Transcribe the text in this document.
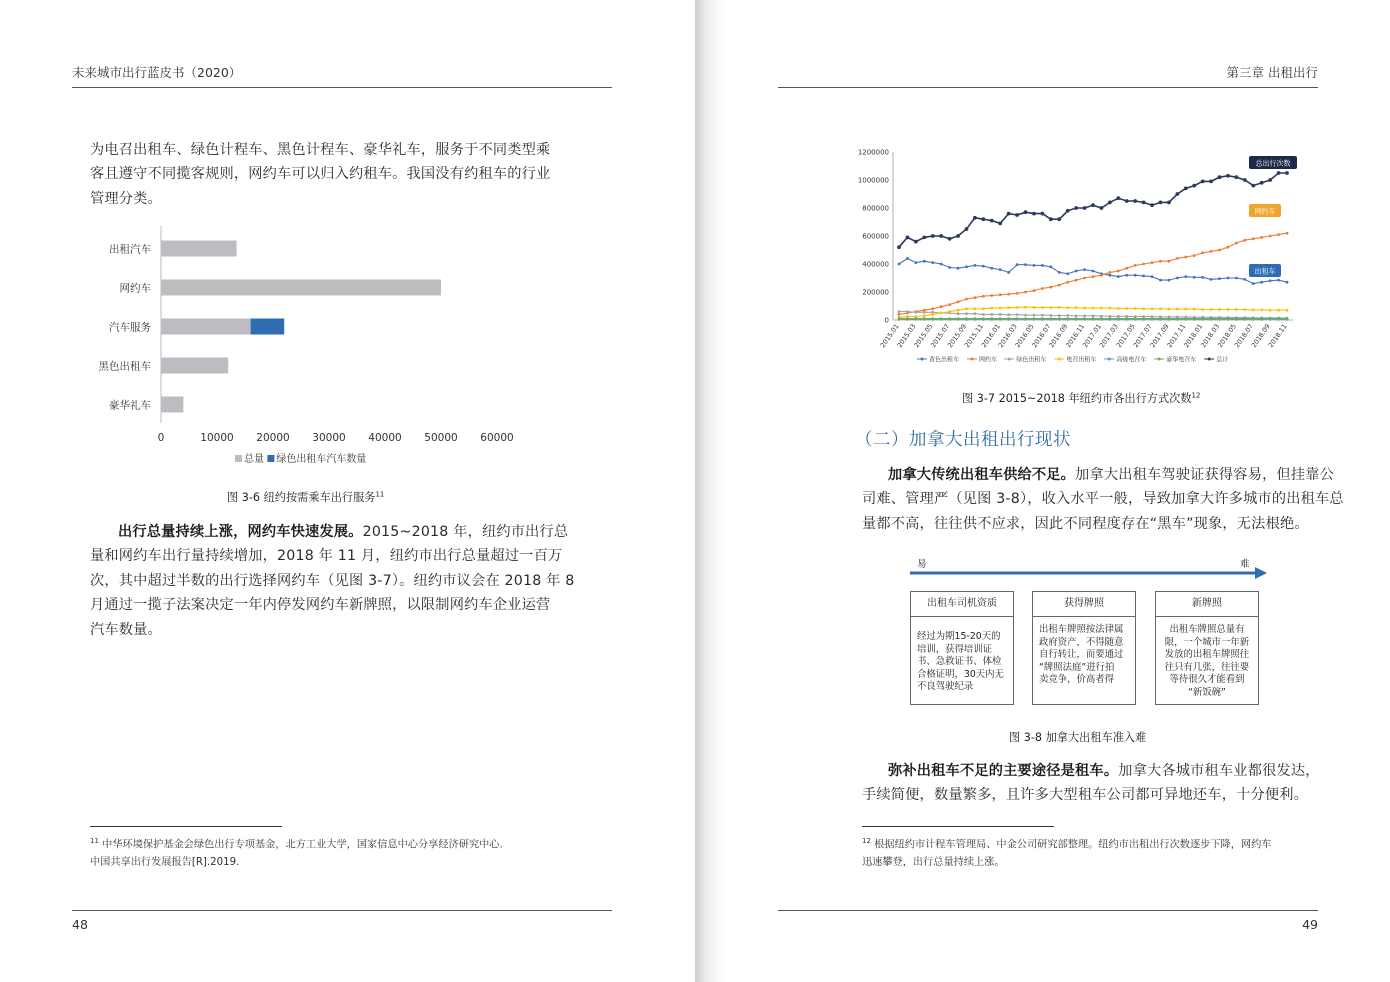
未来城市出行蓝皮书（2020）
为电召出租车、绿色计程车、黑色计程车、豪华礼车，服务于不同类型乘
客且遵守不同揽客规则，网约车可以归入约租车。我国没有约租车的行业
管理分类。
出租汽车
网约车
汽车服务
黑色出租车
豪华礼车
0	10000 20000 30000 40000 50000 60000
总量 绿色出租车汽车数量
图 3-6 纽约按需乘车出行服务$^{11}$
出行总量持续上涨，网约车快速发展。2015~2018 年，纽约市出行总
量和网约车出行量持续增加，2018 年 11 月，纽约市出行总量超过一百万
次，其中超过半数的出行选择网约车（见图 3-7）。纽约市议会在 2018 年 8
月通过一揽子法案决定一年内停发网约车新牌照，以限制网约车企业运营
汽车数量。
$^{11}$ 中华环境保护基金会绿色出行专项基金，北方工业大学，国家信息中心分享经济研究中心.
中国共享出行发展报告[R].2019.
48
第三章 出租出行
0
200000
400000
600000
800000
1000000
1200000
2015.01
2015.03
2015.05
2015.07
2015.09
2015.11
2016.01
2016.03
2016.05
2016.07
2016.09
2016.11
2017.01
2017.03
2017.05
2017.07
2017.09
2017.11
2018.01
2018.03
2018.05
2018.07
2018.09
2018.11
总出行次数
网约车
出租车
黄色出租车	网约车	绿色出租车	电召出租车	高级电召车	豪华电召车	总计
图 3-7 2015~2018 年纽约市各出行方式次数$^{12}$
（二）加拿大出租出行现状
加拿大传统出租车供给不足。加拿大出租车驾驶证获得容易，但挂靠公
司难、管理严（见图 3-8），收入水平一般，导致加拿大许多城市的出租车总
量都不高，往往供不应求，因此不同程度存在“黑车”现象，无法根绝。
易	难
出租车司机资质
经过为期15-20天的
培训，获得培训证
书、急救证书、体检
合格证明，30天内无
不良驾驶纪录
获得牌照
出租车牌照按法律属
政府资产，不得随意
自行转让，而要通过
“牌照法庭”进行拍
卖竞争，价高者得
新牌照
出租车牌照总量有
限，一个城市一年新
发放的出租车牌照往
往只有几张，往往要
等待很久才能看到
“新饭碗”
图 3-8 加拿大出租车准入难
弥补出租车不足的主要途径是租车。加拿大各城市租车业都很发达，
手续简便，数量繁多，且许多大型租车公司都可异地还车，十分便利。
$^{12}$ 根据纽约市计程车管理局、中金公司研究部整理。纽约市出租出行次数逐步下降，网约车
迅速攀登，出行总量持续上涨。
49
